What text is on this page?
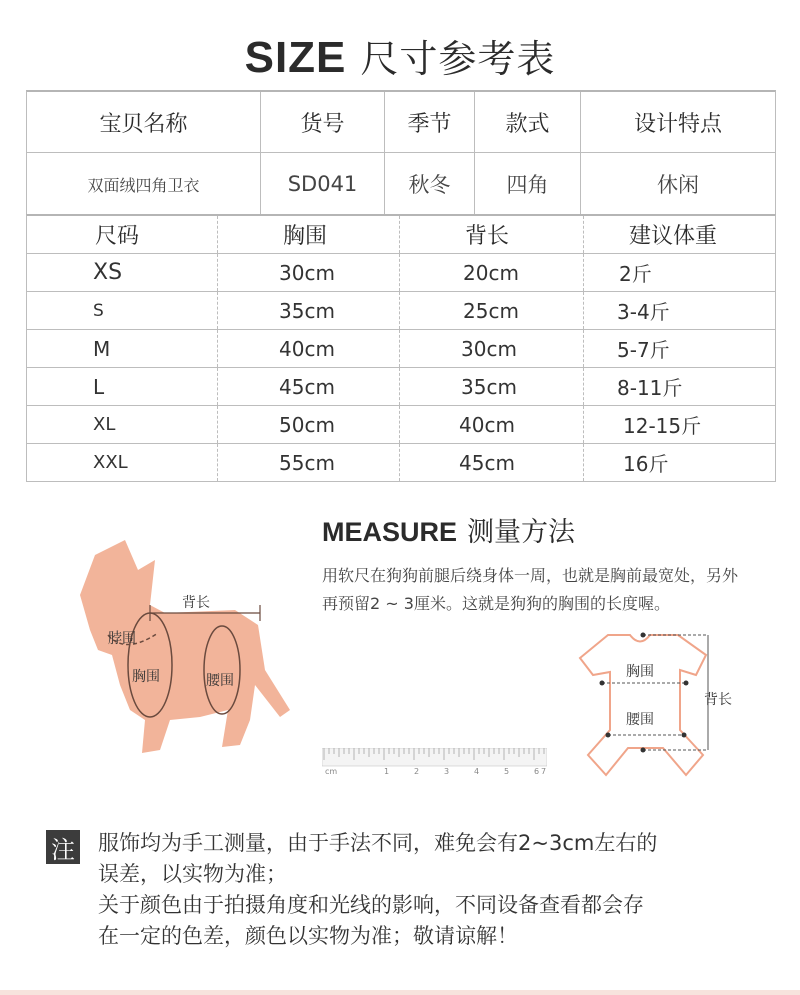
SIZE 尺寸参考表
宝贝名称	货号	季节	款式	设计特点
双面绒四角卫衣	SD041	秋冬	四角	休闲
尺码	胸围	背长	建议体重
XS	30cm	20cm	2斤
S	35cm	25cm	3-4斤
M	40cm	30cm	5-7斤
L	45cm	35cm	8-11斤
XL	50cm	40cm	12-15斤
XXL	55cm	45cm	16斤
背长
脖围
胸围	腰围
MEASURE 测量方法
用软尺在狗狗前腿后绕身体一周，也就是胸前最宽处，另外再预留2 ~ 3厘米。这就是狗狗的胸围的长度喔。
cm	1	2	3	4	5	6 7
胸围
腰围
背长
注 服饰均为手工测量，由于手法不同，难免会有2~3cm左右的
误差，以实物为准；
关于颜色由于拍摄角度和光线的影响，不同设备查看都会存
在一定的色差，颜色以实物为准；敬请谅解！
